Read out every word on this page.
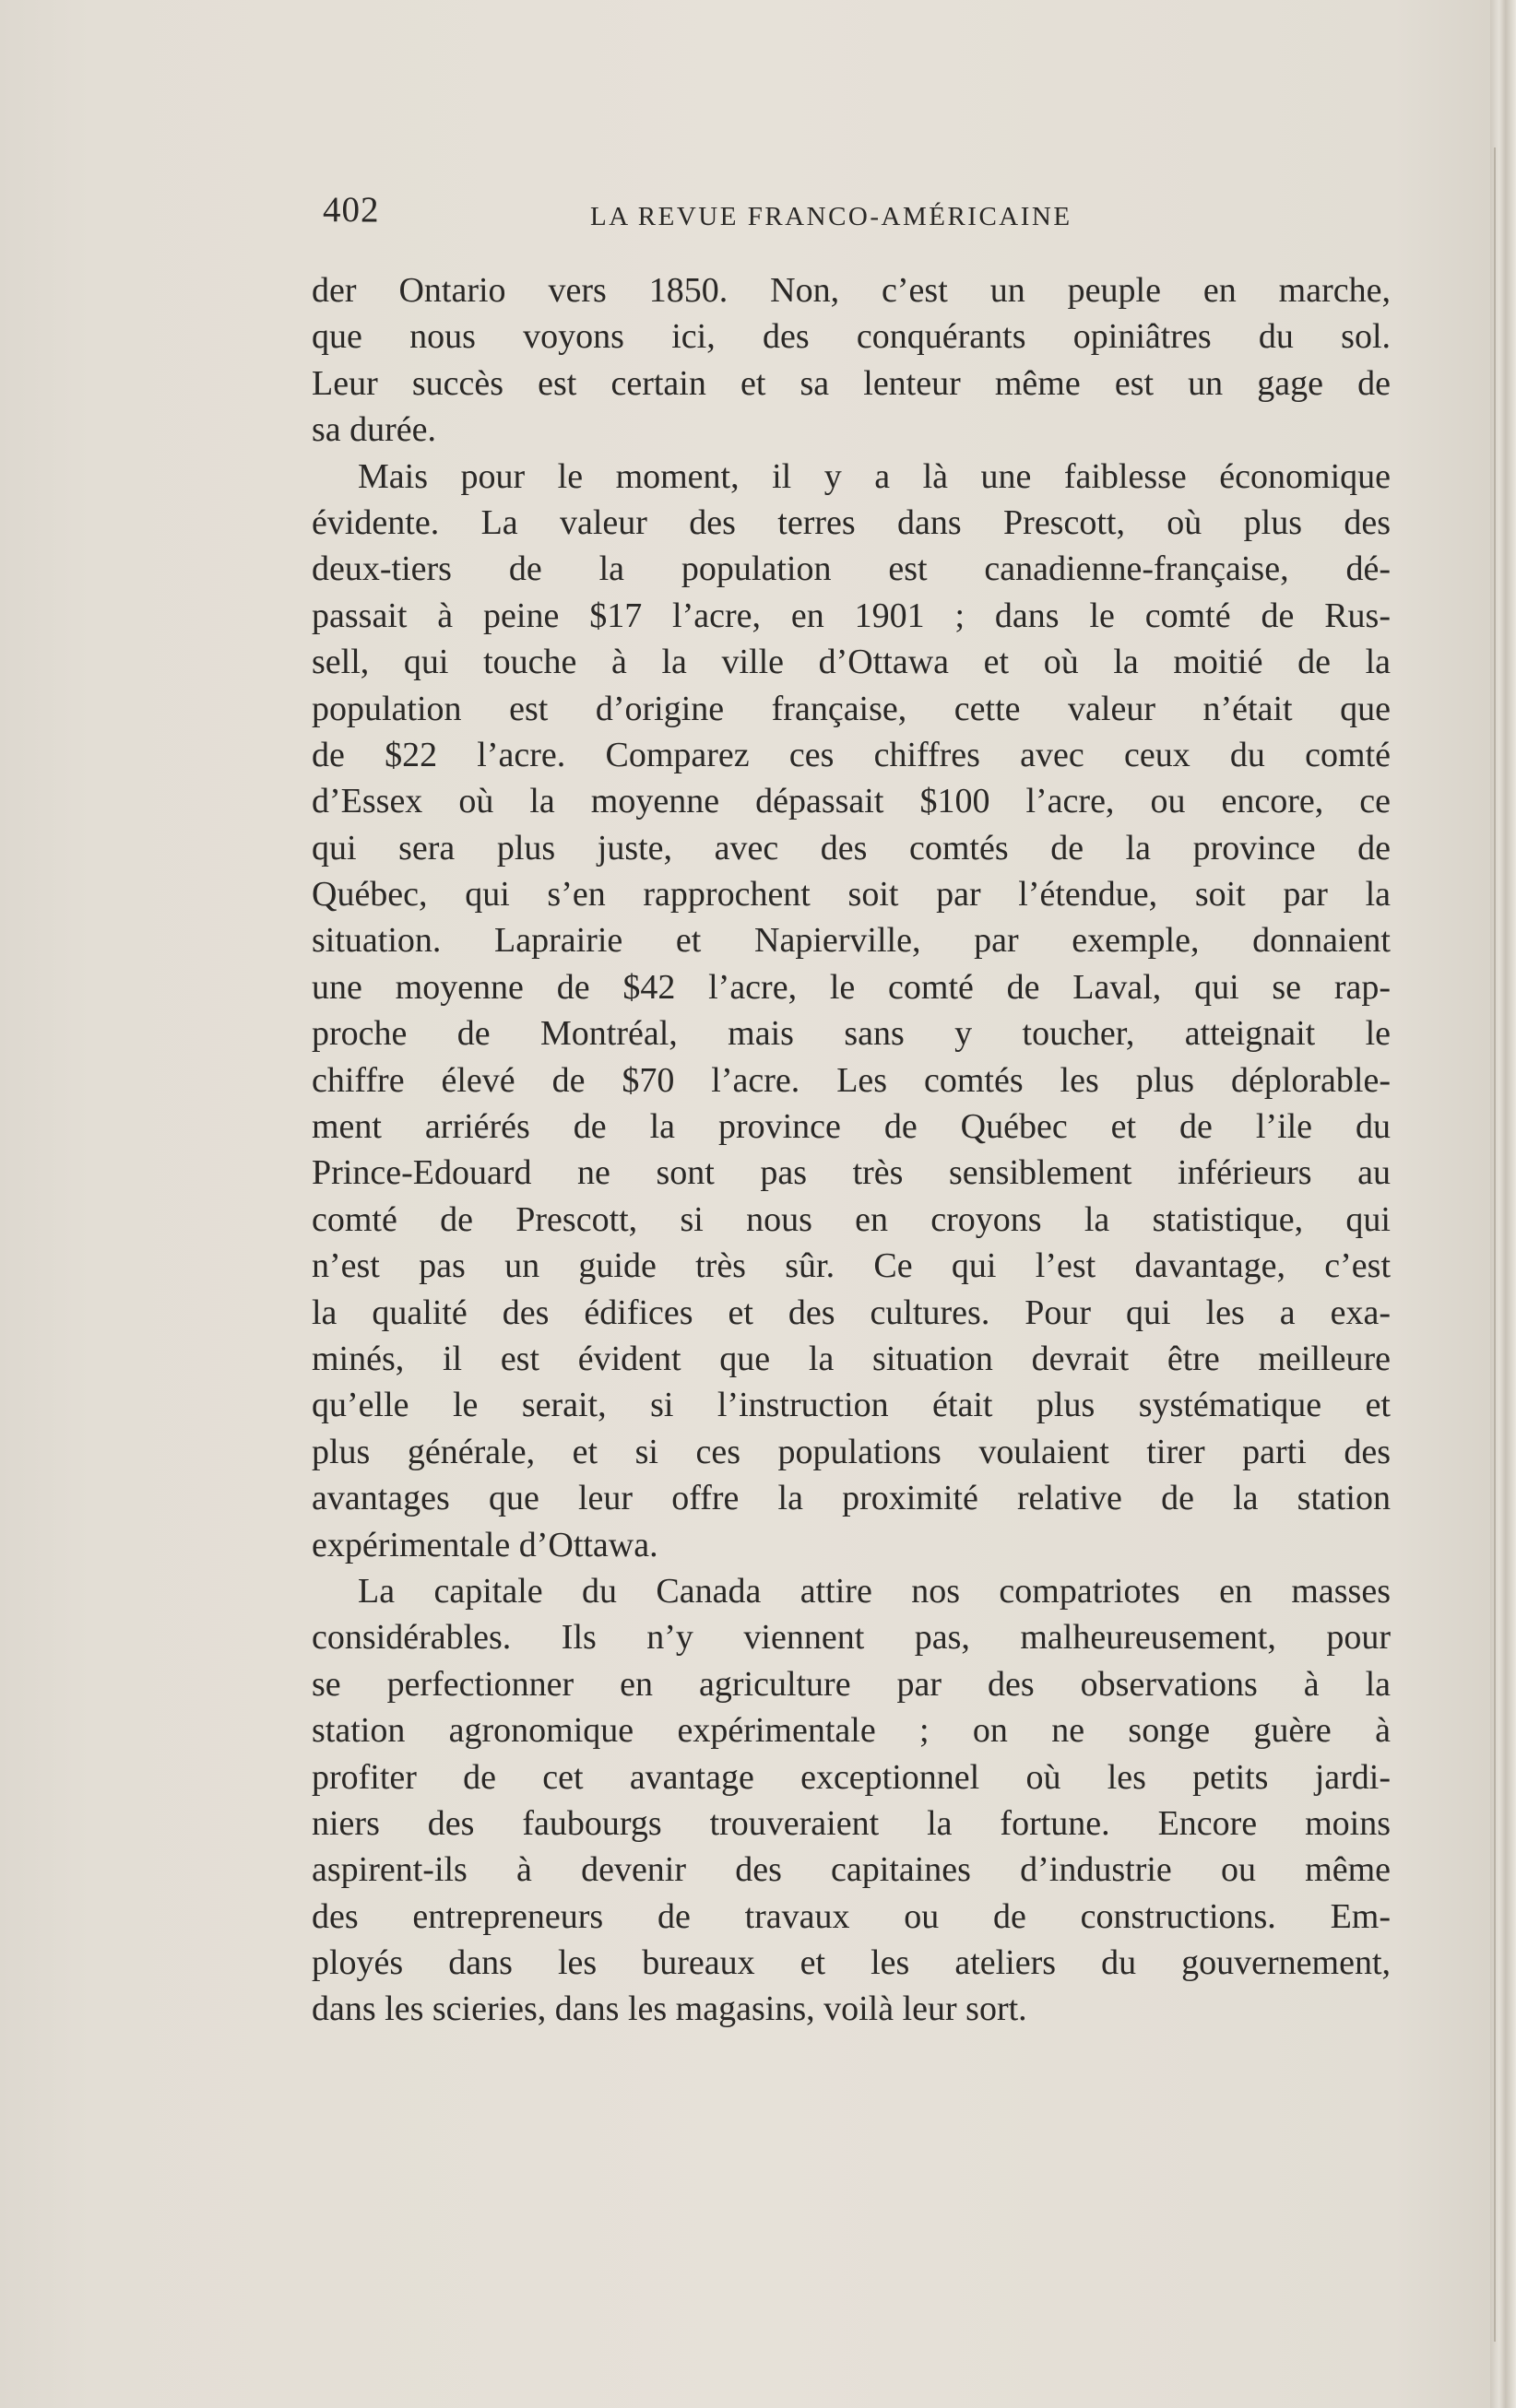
402	LA REVUE FRANCO-AMÉRICAINE
der Ontario vers 1850. Non, c’est un peuple en marche,
que nous voyons ici, des conquérants opiniâtres du sol.
Leur succès est certain et sa lenteur même est un gage de
sa durée.
Mais pour le moment, il y a là une faiblesse économique
évidente. La valeur des terres dans Prescott, où plus des
deux-tiers de la population est canadienne-française, dé-
passait à peine $17 l’acre, en 1901 ; dans le comté de Rus-
sell, qui touche à la ville d’Ottawa et où la moitié de la
population est d’origine française, cette valeur n’était que
de $22 l’acre. Comparez ces chiffres avec ceux du comté
d’Essex où la moyenne dépassait $100 l’acre, ou encore, ce
qui sera plus juste, avec des comtés de la province de
Québec, qui s’en rapprochent soit par l’étendue, soit par la
situation. Laprairie et Napierville, par exemple, donnaient
une moyenne de $42 l’acre, le comté de Laval, qui se rap-
proche de Montréal, mais sans y toucher, atteignait le
chiffre élevé de $70 l’acre. Les comtés les plus déplorable-
ment arriérés de la province de Québec et de l’ile du
Prince-Edouard ne sont pas très sensiblement inférieurs au
comté de Prescott, si nous en croyons la statistique, qui
n’est pas un guide très sûr. Ce qui l’est davantage, c’est
la qualité des édifices et des cultures. Pour qui les a exa-
minés, il est évident que la situation devrait être meilleure
qu’elle le serait, si l’instruction était plus systématique et
plus générale, et si ces populations voulaient tirer parti des
avantages que leur offre la proximité relative de la station
expérimentale d’Ottawa.
La capitale du Canada attire nos compatriotes en masses
considérables. Ils n’y viennent pas, malheureusement, pour
se perfectionner en agriculture par des observations à la
station agronomique expérimentale ; on ne songe guère à
profiter de cet avantage exceptionnel où les petits jardi-
niers des faubourgs trouveraient la fortune. Encore moins
aspirent-ils à devenir des capitaines d’industrie ou même
des entrepreneurs de travaux ou de constructions. Em-
ployés dans les bureaux et les ateliers du gouvernement,
dans les scieries, dans les magasins, voilà leur sort.
